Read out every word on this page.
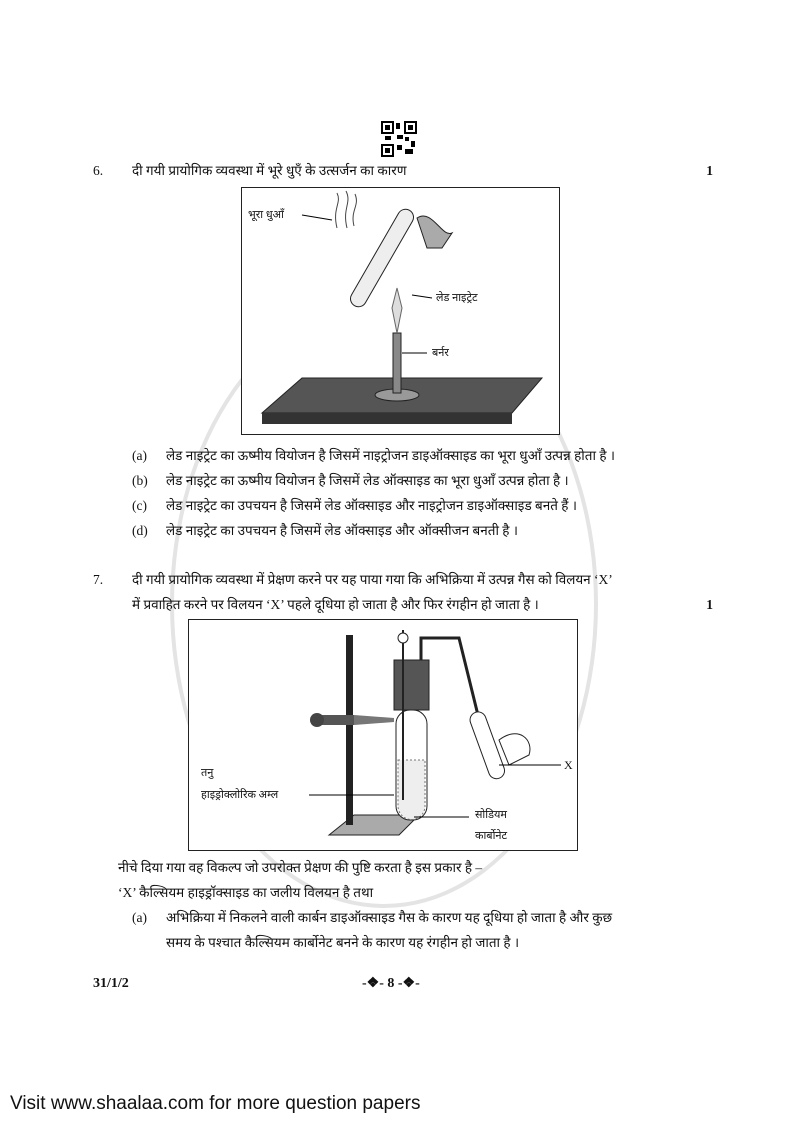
6.	दी गयी प्रायोगिक व्यवस्था में भूरे धुएँ के उत्सर्जन का कारण	1
भूरा धुआँ
लेड नाइट्रेट
बर्नर
(a)	लेड नाइट्रेट का ऊष्मीय वियोजन है जिसमें नाइट्रोजन डाइऑक्साइड का भूरा धुआँ उत्पन्न होता है ।
(b)	लेड नाइट्रेट का ऊष्मीय वियोजन है जिसमें लेड ऑक्साइड का भूरा धुआँ उत्पन्न होता है ।
(c)	लेड नाइट्रेट का उपचयन है जिसमें लेड ऑक्साइड और नाइट्रोजन डाइऑक्साइड बनते हैं ।
(d)	लेड नाइट्रेट का उपचयन है जिसमें लेड ऑक्साइड और ऑक्सीजन बनती है ।
7.	दी गयी प्रायोगिक व्यवस्था में प्रेक्षण करने पर यह पाया गया कि अभिक्रिया में उत्पन्न गैस को विलयन ‘X’
में प्रवाहित करने पर विलयन ‘X’ पहले दूधिया हो जाता है और फिर रंगहीन हो जाता है ।	1
X
तनु
हाइड्रोक्लोरिक अम्ल
सोडियम
कार्बोनेट
नीचे दिया गया वह विकल्प जो उपरोक्त प्रेक्षण की पुष्टि करता है इस प्रकार है –
‘X’ कैल्सियम हाइड्रॉक्साइड का जलीय विलयन है तथा
(a)	अभिक्रिया में निकलने वाली कार्बन डाइऑक्साइड गैस के कारण यह दूधिया हो जाता है और कुछ
समय के पश्चात कैल्सियम कार्बोनेट बनने के कारण यह रंगहीन हो जाता है ।
31/1/2	-❖- 8 -❖-
Visit www.shaalaa.com for more question papers
